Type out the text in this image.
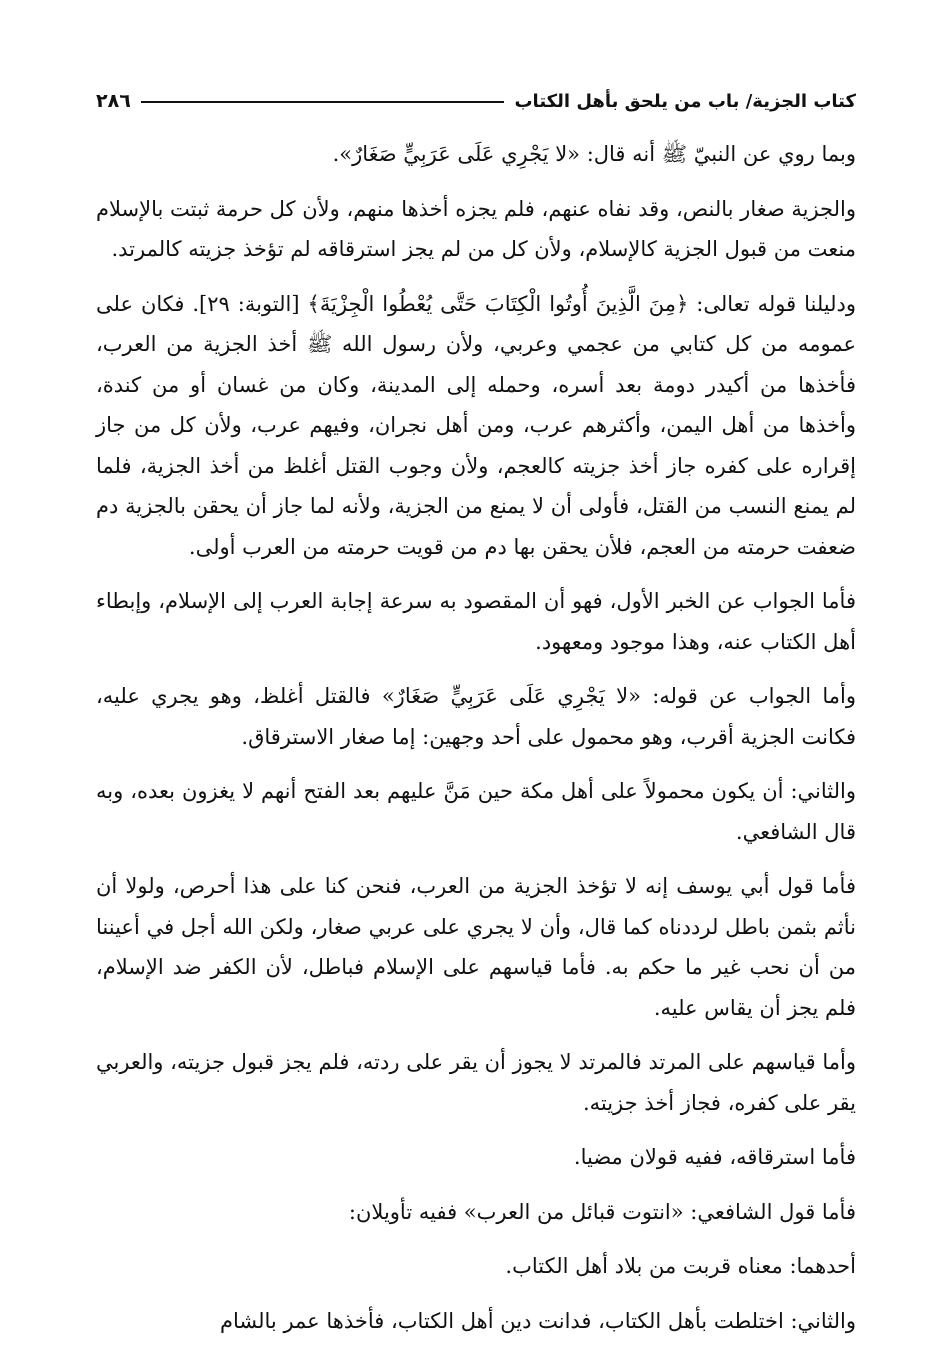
كتاب الجزية/ باب من يلحق بأهل الكتاب
٢٨٦

وبما روي عن النبيّ ﷺ أنه قال: «لا يَجْرِي عَلَى عَرَبِيٍّ صَغَارٌ».

والجزية صغار بالنص، وقد نفاه عنهم، فلم يجزه أخذها منهم، ولأن كل حرمة ثبتت بالإسلام منعت من قبول الجزية كالإسلام، ولأن كل من لم يجز استرقاقه لم تؤخذ جزيته كالمرتد.

ودليلنا قوله تعالى: ﴿مِنَ الَّذِينَ أُوتُوا الْكِتَابَ حَتَّى يُعْطُوا الْجِزْيَةَ﴾ [التوبة: ٢٩]. فكان على عمومه من كل كتابي من عجمي وعربي، ولأن رسول الله ﷺ أخذ الجزية من العرب، فأخذها من أكيدر دومة بعد أسره، وحمله إلى المدينة، وكان من غسان أو من كندة، وأخذها من أهل اليمن، وأكثرهم عرب، ومن أهل نجران، وفيهم عرب، ولأن كل من جاز إقراره على كفره جاز أخذ جزيته كالعجم، ولأن وجوب القتل أغلظ من أخذ الجزية، فلما لم يمنع النسب من القتل، فأولى أن لا يمنع من الجزية، ولأنه لما جاز أن يحقن بالجزية دم ضعفت حرمته من العجم، فلأن يحقن بها دم من قويت حرمته من العرب أولى.

فأما الجواب عن الخبر الأول، فهو أن المقصود به سرعة إجابة العرب إلى الإسلام، وإبطاء أهل الكتاب عنه، وهذا موجود ومعهود.

وأما الجواب عن قوله: «لا يَجْرِي عَلَى عَرَبِيٍّ صَغَارٌ» فالقتل أغلظ، وهو يجري عليه، فكانت الجزية أقرب، وهو محمول على أحد وجهين: إما صغار الاسترقاق.

والثاني: أن يكون محمولاً على أهل مكة حين مَنَّ عليهم بعد الفتح أنهم لا يغزون بعده، وبه قال الشافعي.

فأما قول أبي يوسف إنه لا تؤخذ الجزية من العرب، فنحن كنا على هذا أحرص، ولولا أن نأثم بثمن باطل لرددناه كما قال، وأن لا يجري على عربي صغار، ولكن الله أجل في أعيننا من أن نحب غير ما حكم به. فأما قياسهم على الإسلام فباطل، لأن الكفر ضد الإسلام، فلم يجز أن يقاس عليه.

وأما قياسهم على المرتد فالمرتد لا يجوز أن يقر على ردته، فلم يجز قبول جزيته، والعربي يقر على كفره، فجاز أخذ جزيته.

فأما استرقاقه، ففيه قولان مضيا.

فأما قول الشافعي: «انتوت قبائل من العرب» ففيه تأويلان:

أحدهما: معناه قربت من بلاد أهل الكتاب.

والثاني: اختلطت بأهل الكتاب، فدانت دين أهل الكتاب، فأخذها عمر بالشام
